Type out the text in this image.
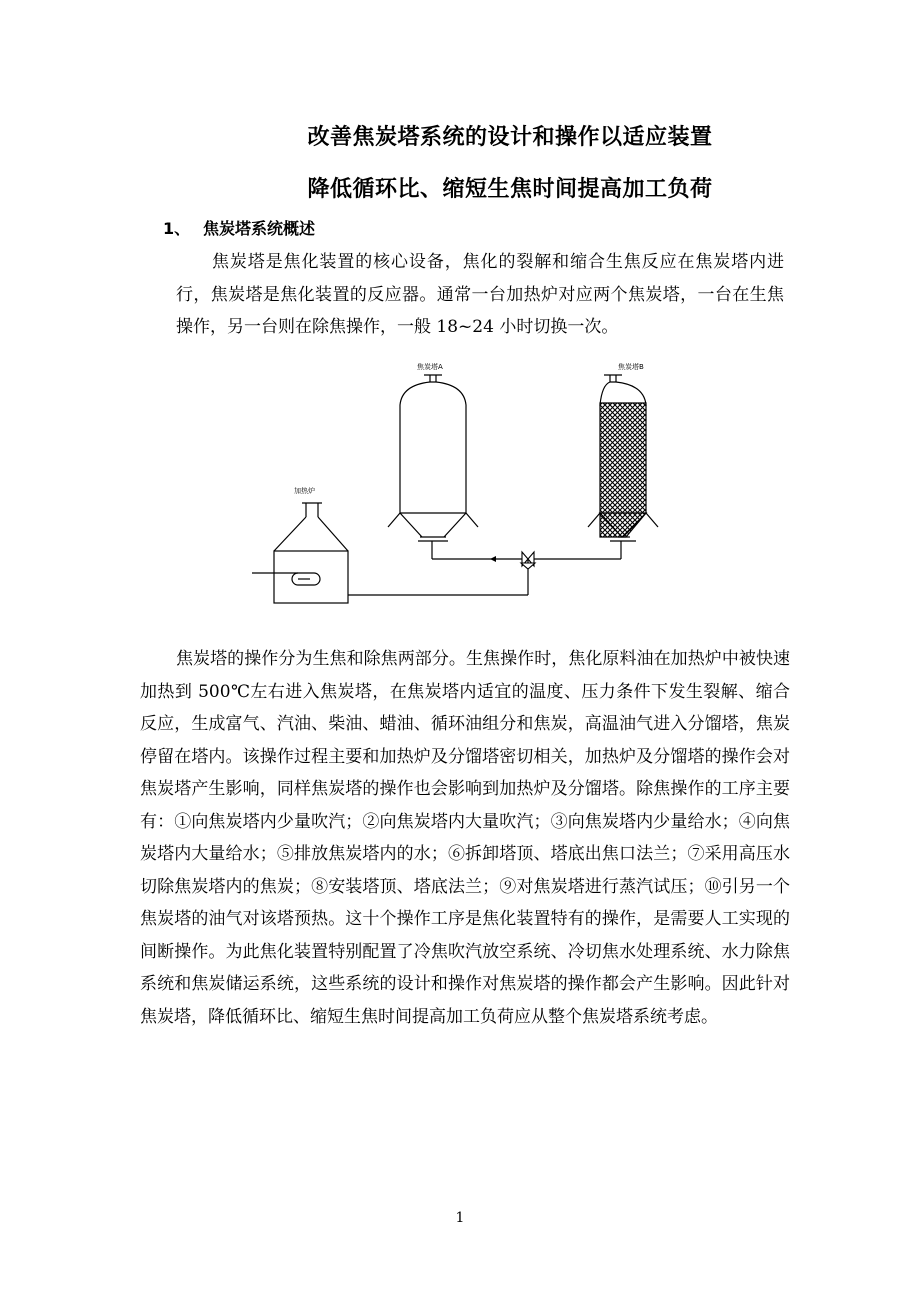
改善焦炭塔系统的设计和操作以适应装置
降低循环比、缩短生焦时间提高加工负荷
1、 焦炭塔系统概述
焦炭塔是焦化装置的核心设备，焦化的裂解和缩合生焦反应在焦炭塔内进行，焦炭塔是焦化装置的反应器。通常一台加热炉对应两个焦炭塔，一台在生焦操作，另一台则在除焦操作，一般 18~24 小时切换一次。
焦炭塔A	焦炭塔B
加热炉
焦炭塔的操作分为生焦和除焦两部分。生焦操作时，焦化原料油在加热炉中被快速加热到 500℃左右进入焦炭塔，在焦炭塔内适宜的温度、压力条件下发生裂解、缩合反应，生成富气、汽油、柴油、蜡油、循环油组分和焦炭，高温油气进入分馏塔，焦炭停留在塔内。该操作过程主要和加热炉及分馏塔密切相关，加热炉及分馏塔的操作会对焦炭塔产生影响，同样焦炭塔的操作也会影响到加热炉及分馏塔。除焦操作的工序主要有：①向焦炭塔内少量吹汽；②向焦炭塔内大量吹汽；③向焦炭塔内少量给水；④向焦炭塔内大量给水；⑤排放焦炭塔内的水；⑥拆卸塔顶、塔底出焦口法兰；⑦采用高压水切除焦炭塔内的焦炭；⑧安装塔顶、塔底法兰；⑨对焦炭塔进行蒸汽试压；⑩引另一个焦炭塔的油气对该塔预热。这十个操作工序是焦化装置特有的操作，是需要人工实现的间断操作。为此焦化装置特别配置了冷焦吹汽放空系统、冷切焦水处理系统、水力除焦系统和焦炭储运系统，这些系统的设计和操作对焦炭塔的操作都会产生影响。因此针对焦炭塔，降低循环比、缩短生焦时间提高加工负荷应从整个焦炭塔系统考虑。
1
